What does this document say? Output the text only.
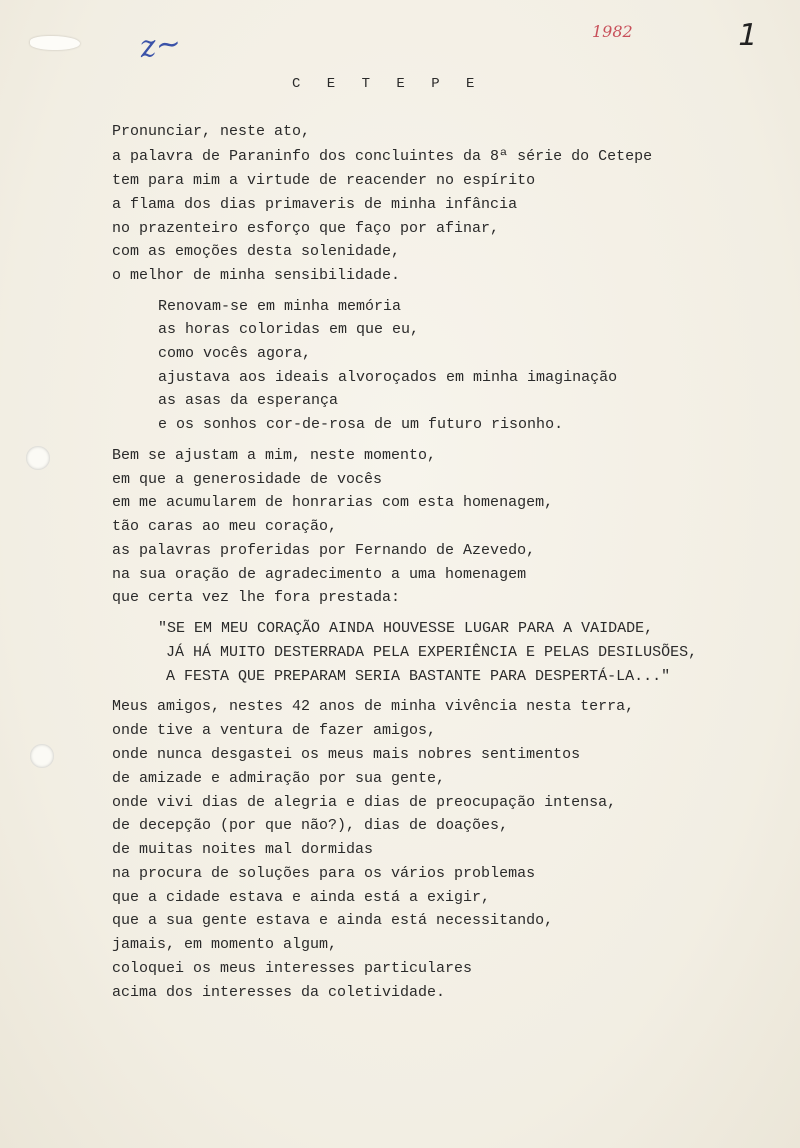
z~	1982	1
C E T E P E
Pronunciar, neste ato,
a palavra de Paraninfo dos concluintes da 8ª série do Cetepe
tem para mim a virtude de reacender no espírito
a flama dos dias primaveris de minha infância
no prazenteiro esforço que faço por afinar,
com as emoções desta solenidade,
o melhor de minha sensibilidade.
Renovam-se em minha memória
as horas coloridas em que eu,
como vocês agora,
ajustava aos ideais alvoroçados em minha imaginação
as asas da esperança
e os sonhos cor-de-rosa de um futuro risonho.
Bem se ajustam a mim, neste momento,
em que a generosidade de vocês
em me acumularem de honrarias com esta homenagem,
tão caras ao meu coração,
as palavras proferidas por Fernando de Azevedo,
na sua oração de agradecimento a uma homenagem
que certa vez lhe fora prestada:
"SE EM MEU CORAÇÃO AINDA HOUVESSE LUGAR PARA A VAIDADE,
JÁ HÁ MUITO DESTERRADA PELA EXPERIÊNCIA E PELAS DESILUSÕES,
A FESTA QUE PREPARAM SERIA BASTANTE PARA DESPERTÁ-LA..."
Meus amigos, nestes 42 anos de minha vivência nesta terra,
onde tive a ventura de fazer amigos,
onde nunca desgastei os meus mais nobres sentimentos
de amizade e admiração por sua gente,
onde vivi dias de alegria e dias de preocupação intensa,
de decepção (por que não?), dias de doações,
de muitas noites mal dormidas
na procura de soluções para os vários problemas
que a cidade estava e ainda está a exigir,
que a sua gente estava e ainda está necessitando,
jamais, em momento algum,
coloquei os meus interesses particulares
acima dos interesses da coletividade.
